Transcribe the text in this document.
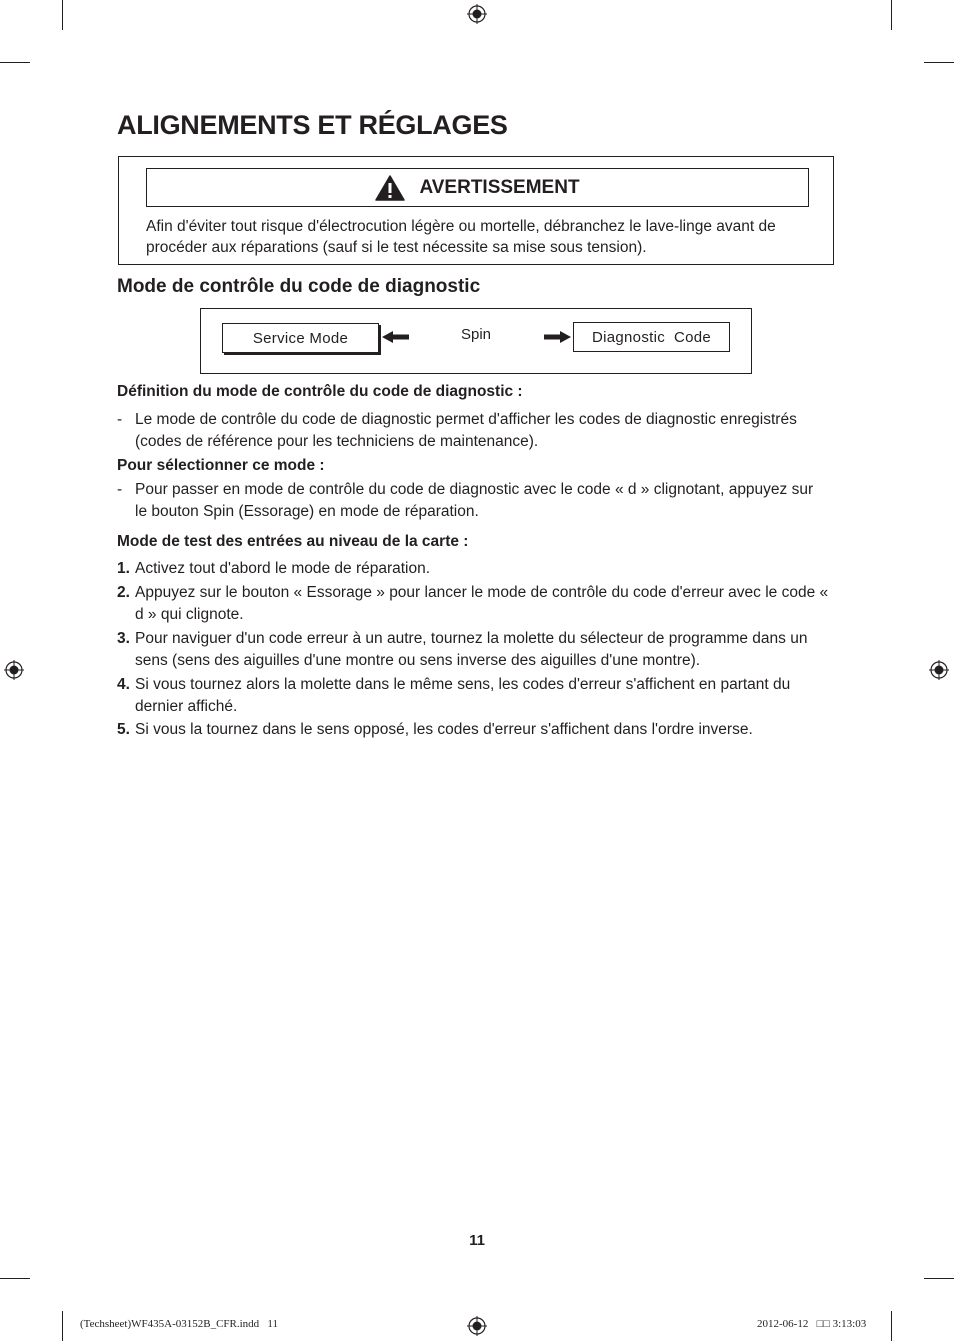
ALIGNEMENTS ET RÉGLAGES
AVERTISSEMENT

Afin d'éviter tout risque d'électrocution légère ou mortelle, débranchez le lave-linge avant de procéder aux réparations (sauf si le test nécessite sa mise sous tension).

Mode de contrôle du code de diagnostic
Service Mode	Spin	Diagnostic  Code

Définition du mode de contrôle du code de diagnostic :

- Le mode de contrôle du code de diagnostic permet d'afficher les codes de diagnostic enregistrés (codes de référence pour les techniciens de maintenance).

Pour sélectionner ce mode :

- Pour passer en mode de contrôle du code de diagnostic avec le code « d » clignotant, appuyez sur le bouton Spin (Essorage) en mode de réparation.

Mode de test des entrées au niveau de la carte :

1. Activez tout d'abord le mode de réparation.

2. Appuyez sur le bouton « Essorage » pour lancer le mode de contrôle du code d'erreur avec le code « d » qui clignote.

3. Pour naviguer d'un code erreur à un autre, tournez la molette du sélecteur de programme dans un sens (sens des aiguilles d'une montre ou sens inverse des aiguilles d'une montre).

4. Si vous tournez alors la molette dans le même sens, les codes d'erreur s'affichent en partant du dernier affiché.

5. Si vous la tournez dans le sens opposé, les codes d'erreur s'affichent dans l'ordre inverse.

11
(Techsheet)WF435A-03152B_CFR.indd   11	2012-06-12   □□ 3:13:03
